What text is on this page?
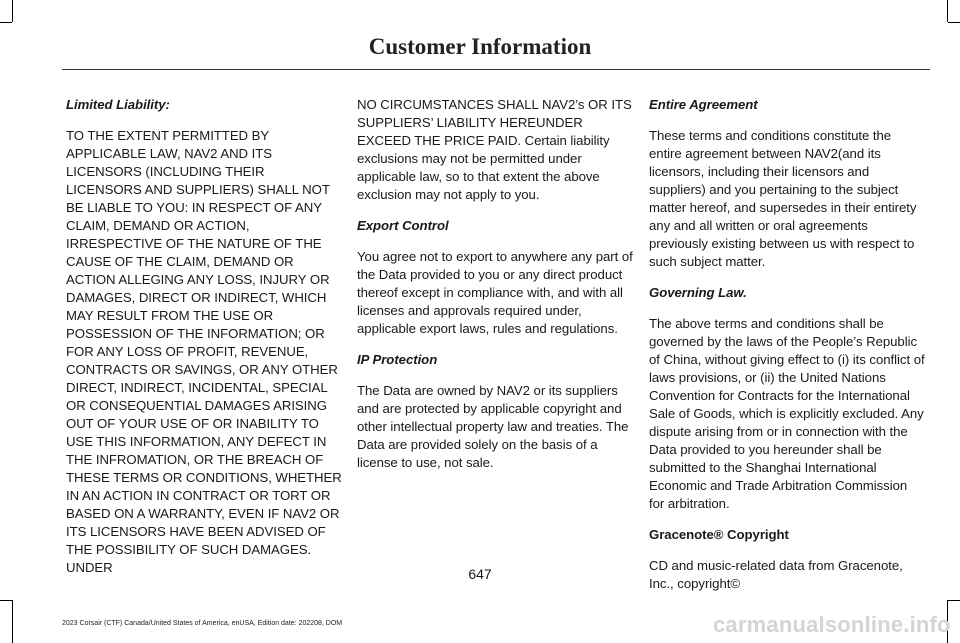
Customer Information

Limited Liability:

TO THE EXTENT PERMITTED BY APPLICABLE LAW, NAV2 AND ITS LICENSORS (INCLUDING THEIR LICENSORS AND SUPPLIERS) SHALL NOT BE LIABLE TO YOU: IN RESPECT OF ANY CLAIM, DEMAND OR ACTION, IRRESPECTIVE OF THE NATURE OF THE CAUSE OF THE CLAIM, DEMAND OR ACTION ALLEGING ANY LOSS, INJURY OR DAMAGES, DIRECT OR INDIRECT, WHICH MAY RESULT FROM THE USE OR POSSESSION OF THE INFORMATION; OR FOR ANY LOSS OF PROFIT, REVENUE, CONTRACTS OR SAVINGS, OR ANY OTHER DIRECT, INDIRECT, INCIDENTAL, SPECIAL OR CONSEQUENTIAL DAMAGES ARISING OUT OF YOUR USE OF OR INABILITY TO USE THIS INFORMATION, ANY DEFECT IN THE INFROMATION, OR THE BREACH OF THESE TERMS OR CONDITIONS, WHETHER IN AN ACTION IN CONTRACT OR TORT OR BASED ON A WARRANTY, EVEN IF NAV2 OR ITS LICENSORS HAVE BEEN ADVISED OF THE POSSIBILITY OF SUCH DAMAGES. UNDER

NO CIRCUMSTANCES SHALL NAV2’s OR ITS SUPPLIERS’ LIABILITY HEREUNDER EXCEED THE PRICE PAID. Certain liability exclusions may not be permitted under applicable law, so to that extent the above exclusion may not apply to you.

Export Control

You agree not to export to anywhere any part of the Data provided to you or any direct product thereof except in compliance with, and with all licenses and approvals required under, applicable export laws, rules and regulations.

IP Protection

The Data are owned by NAV2 or its suppliers and are protected by applicable copyright and other intellectual property law and treaties. The Data are provided solely on the basis of a license to use, not sale.

Entire Agreement

These terms and conditions constitute the entire agreement between NAV2(and its licensors, including their licensors and suppliers) and you pertaining to the subject matter hereof, and supersedes in their entirety any and all written or oral agreements previously existing between us with respect to such subject matter.

Governing Law.

The above terms and conditions shall be governed by the laws of the People’s Republic of China, without giving effect to (i) its conflict of laws provisions, or (ii) the United Nations Convention for Contracts for the International Sale of Goods, which is explicitly excluded. Any dispute arising from or in connection with the Data provided to you hereunder shall be submitted to the Shanghai International Economic and Trade Arbitration Commission for arbitration.

Gracenote® Copyright

CD and music-related data from Gracenote, Inc., copyright©

647
2023 Corsair (CTF) Canada/United States of America, enUSA, Edition date: 202208, DOM	carmanualsonline.info
